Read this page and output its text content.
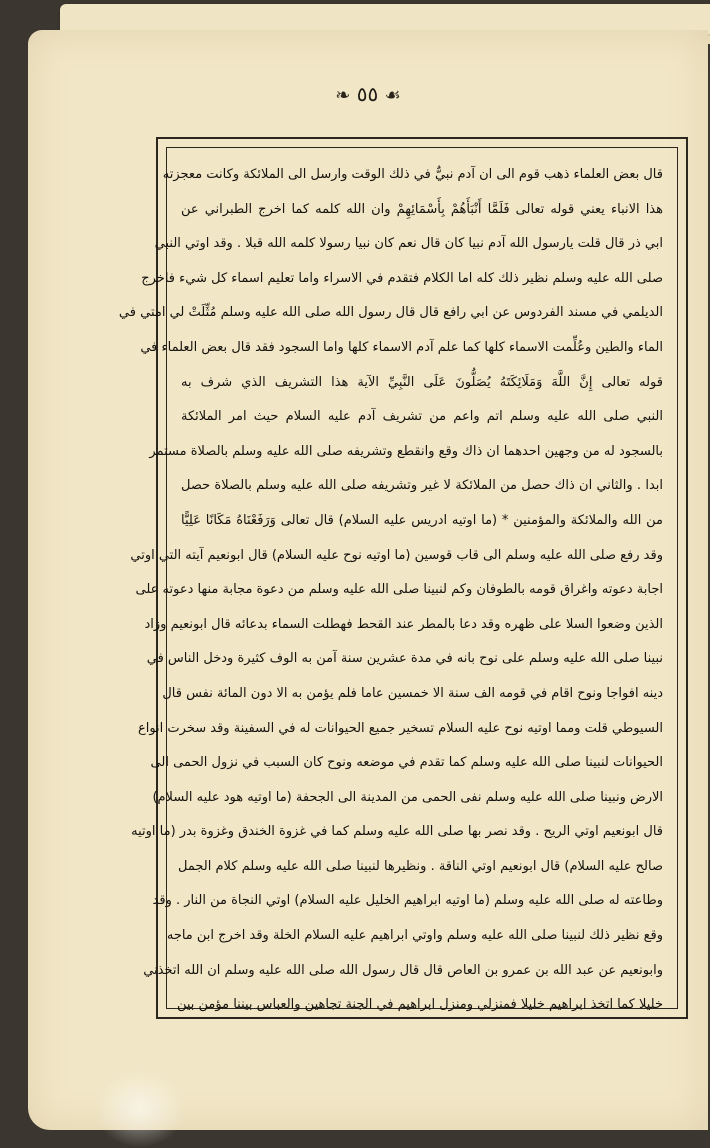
❧ ٥٥ ☙
قال بعض العلماء ذهب قوم الى ان آدم نبيٌّ في ذلك الوقت وارسل الى الملائكة وكانت معجزته
هذا الانباء يعني قوله تعالى فَلَمَّا أَنْبَأَهُمْ بِأَسْمَائِهِمْ وان الله كلمه كما اخرج الطبراني عن
ابي ذر قال قلت يارسول الله آدم نبيا كان قال نعم كان نبيا رسولا كلمه الله قبلا . وقد اوتي النبي
صلى الله عليه وسلم نظير ذلك كله اما الكلام فتقدم في الاسراء واما تعليم اسماء كل شيء فاخرج
الديلمي في مسند الفردوس عن ابي رافع قال قال رسول الله صلى الله عليه وسلم مُثِّلَتْ لي امتي في
الماء والطين وعُلِّمت الاسماء كلها كما علم آدم الاسماء كلها واما السجود فقد قال بعض العلماء في
قوله تعالى إِنَّ اللَّهَ وَمَلَائِكَتَهُ يُصَلُّونَ عَلَى النَّبِيِّ الآية هذا التشريف الذي شرف به
النبي صلى الله عليه وسلم اتم واعم من تشريف آدم عليه السلام حيث امر الملائكة
بالسجود له من وجهين احدهما ان ذاك وقع وانقطع وتشريفه صلى الله عليه وسلم بالصلاة مستمر
ابدا . والثاني ان ذاك حصل من الملائكة لا غير وتشريفه صلى الله عليه وسلم بالصلاة حصل
من الله والملائكة والمؤمنين * (ما اوتيه ادريس عليه السلام) قال تعالى وَرَفَعْنَاهُ مَكَانًا عَلِيًّا
وقد رفع صلى الله عليه وسلم الى قاب قوسين (ما اوتيه نوح عليه السلام) قال ابونعيم آيته التي اوتي
اجابة دعوته واغراق قومه بالطوفان وكم لنبينا صلى الله عليه وسلم من دعوة مجابة منها دعوته على
الذين وضعوا السلا على ظهره وقد دعا بالمطر عند القحط فهطلت السماء بدعائه قال ابونعيم وزاد
نبينا صلى الله عليه وسلم على نوح بانه في مدة عشرين سنة آمن به الوف كثيرة ودخل الناس في
دينه افواجا ونوح اقام في قومه الف سنة الا خمسين عاما فلم يؤمن به الا دون المائة نفس قال
السيوطي قلت ومما اوتيه نوح عليه السلام تسخير جميع الحيوانات له في السفينة وقد سخرت انواع
الحيوانات لنبينا صلى الله عليه وسلم كما تقدم في موضعه ونوح كان السبب في نزول الحمى الى
الارض ونبينا صلى الله عليه وسلم نفى الحمى من المدينة الى الجحفة (ما اوتيه هود عليه السلام)
قال ابونعيم اوتي الريح . وقد نصر بها صلى الله عليه وسلم كما في غزوة الخندق وغزوة بدر (ما اوتيه
صالح عليه السلام) قال ابونعيم اوتي الناقة . ونظيرها لنبينا صلى الله عليه وسلم كلام الجمل
وطاعته له صلى الله عليه وسلم (ما اوتيه ابراهيم الخليل عليه السلام) اوتي النجاة من النار . وقد
وقع نظير ذلك لنبينا صلى الله عليه وسلم واوتي ابراهيم عليه السلام الخلة وقد اخرج ابن ماجه
وابونعيم عن عبد الله بن عمرو بن العاص قال قال رسول الله صلى الله عليه وسلم ان الله اتخذني
خليلا كما اتخذ ابراهيم خليلا فمنزلي ومنزل ابراهيم في الجنة تجاهين والعباس بيننا مؤمن بين
